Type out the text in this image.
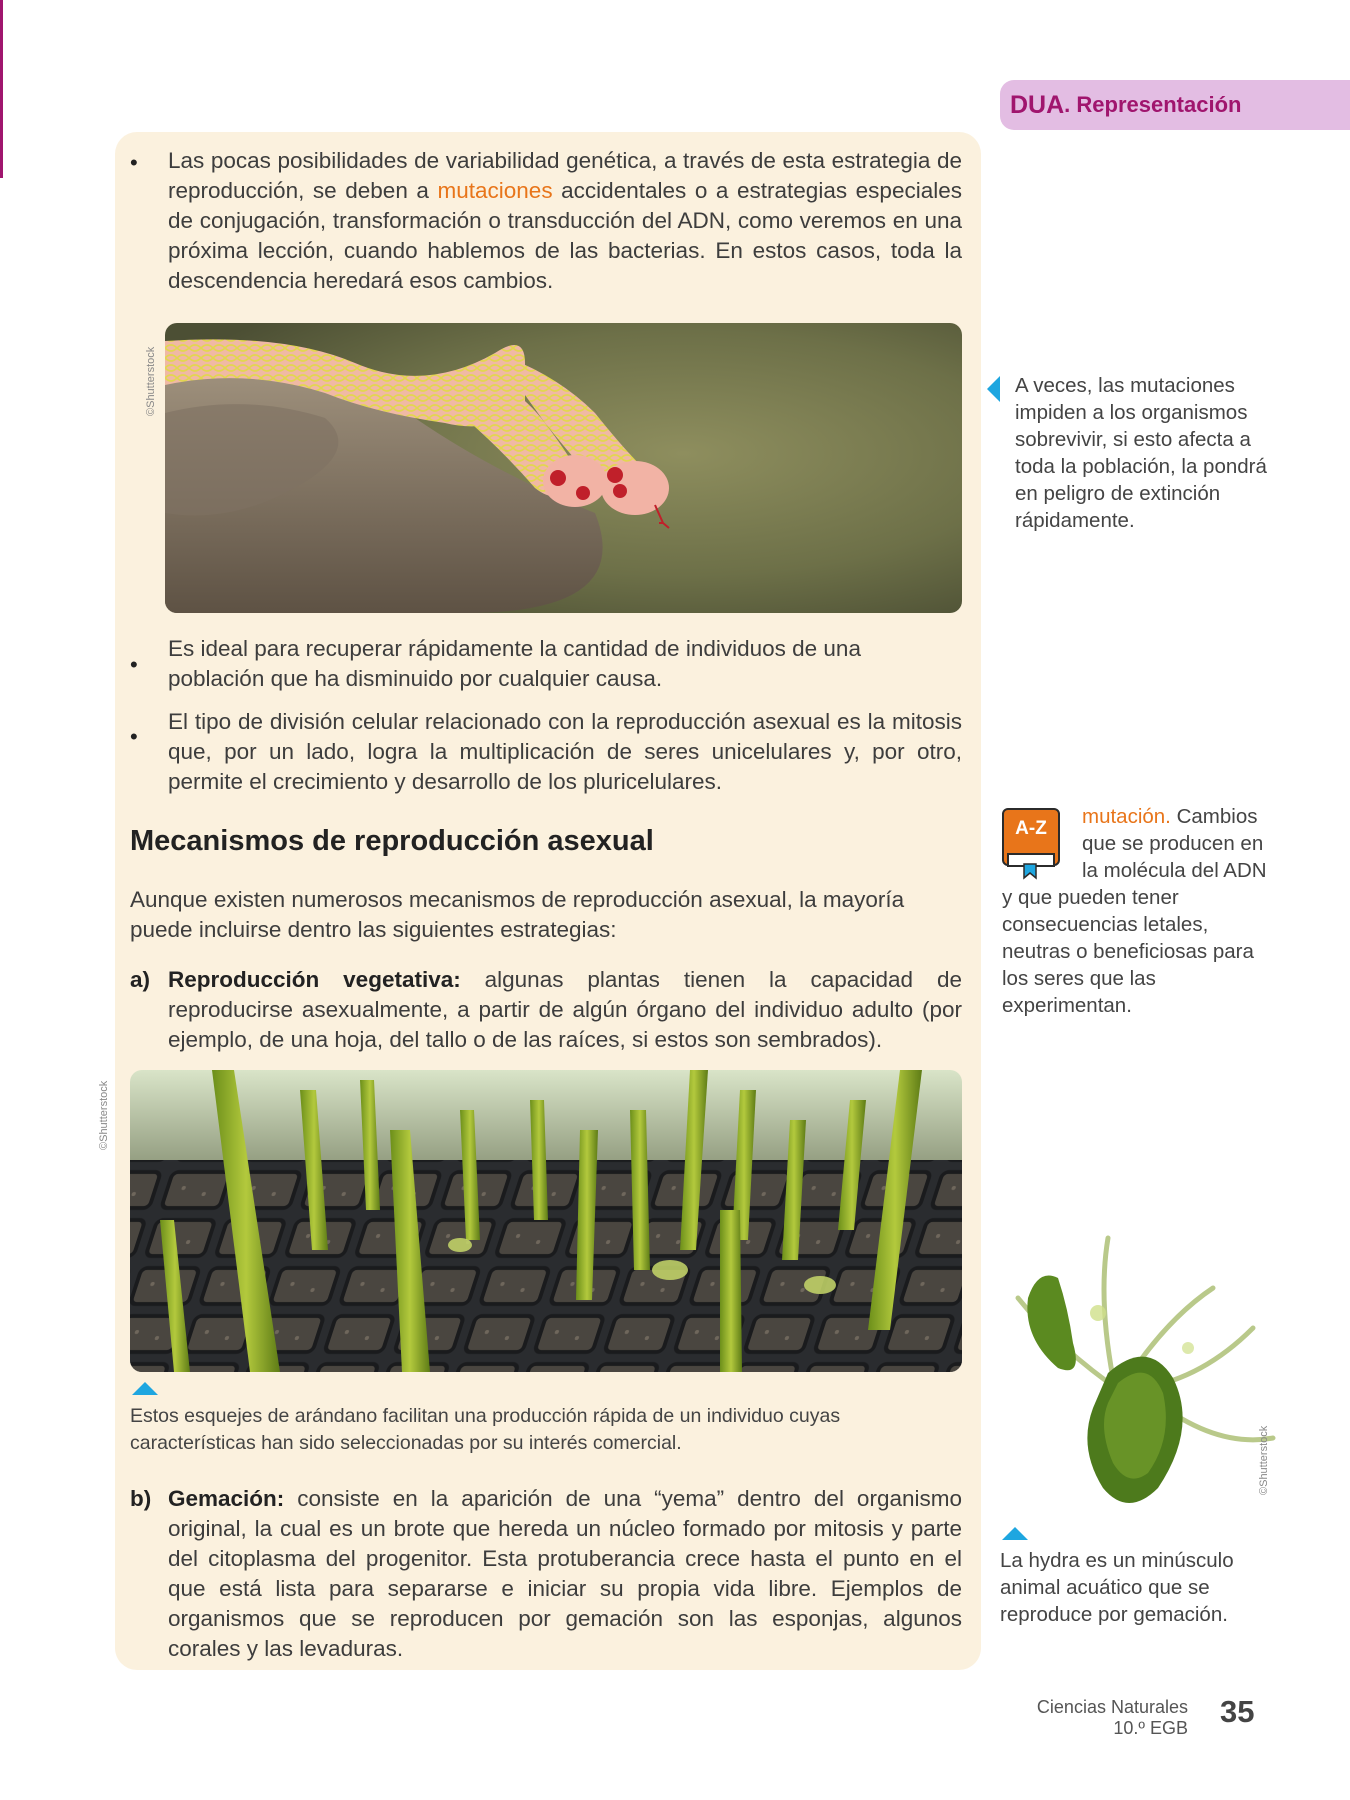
DUA . Representación
• Las pocas posibilidades de variabilidad genética, a través de esta estrategia de reproducción, se deben a mutaciones accidentales o a estrategias especiales de conjugación, transformación o transducción del ADN, como veremos en una próxima lección, cuando hablemos de las bacterias. En estos casos, toda la descendencia heredará esos cambios.

©Shutterstock	A veces, las mutaciones impiden a los organismos sobrevivir, si esto afecta a toda la población, la pondrá en peligro de extinción rápidamente.

•

Es ideal para recuperar rápidamente la cantidad de individuos de una población que ha disminuido por cualquier causa.

•

El tipo de división celular relacionado con la reproducción asexual es la mitosis que, por un lado, logra la multiplicación de seres unicelulares y, por otro, permite el crecimiento y desarrollo de los pluricelulares.

Mecanismos de reproducción asexual

Aunque existen numerosos mecanismos de reproducción asexual, la mayoría puede incluirse dentro las siguientes estrategias:

a) Reproducción vegetativa: algunas plantas tienen la capacidad de reproducirse asexualmente, a partir de algún órgano del individuo adulto (por ejemplo, de una hoja, del tallo o de las raíces, si estos son sembrados).

A-Z

mutación. Cambios que se producen en la molécula del ADN y que pueden tener consecuencias letales, neutras o beneficiosas para los seres que las experimentan.

©Shutterstock

Estos esquejes de arándano facilitan una producción rápida de un individuo cuyas características han sido seleccionadas por su interés comercial.

b) Gemación: consiste en la aparición de una “yema” dentro del organismo original, la cual es un brote que hereda un núcleo formado por mitosis y parte del citoplasma del progenitor. Esta protuberancia crece hasta el punto en el que está lista para separarse e iniciar su propia vida libre. Ejemplos de organismos que se reproducen por gemación son las esponjas, algunos corales y las levaduras.

©Shutterstock

La hydra es un minúsculo animal acuático que se reproduce por gemación.

Ciencias Naturales
10.º EGB 35
